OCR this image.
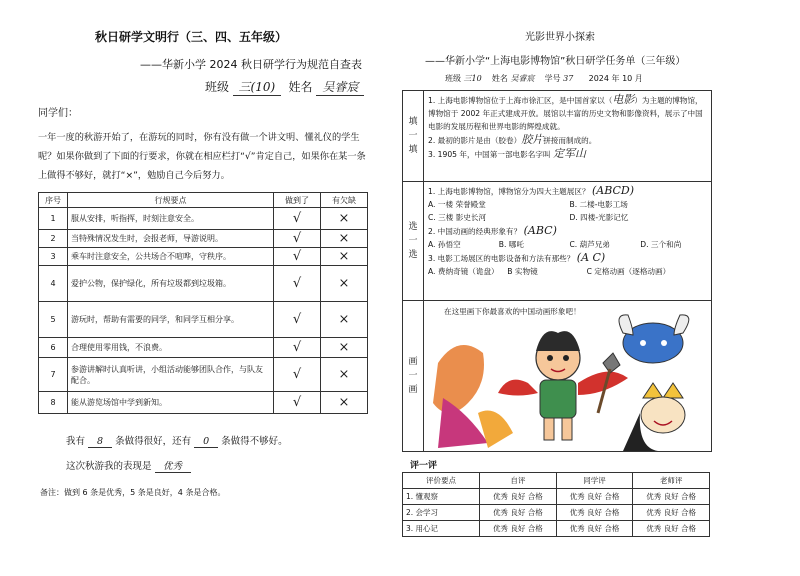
秋日研学文明行（三、四、五年级）
——华新小学 2024 秋日研学行为规范自查表
班级 三(10) 姓名 吴睿宸
同学们：
一年一度的秋游开始了，在游玩的同时，你有没有做一个讲文明、懂礼仪的学生呢？如果你做到了下面的行要求，你就在相应栏打“√”肯定自己，如果你在某一条上做得不够好，就打“×”，勉励自己今后努力。
序号	行规要点	做到了	有欠缺
1	服从安排，听指挥，时刻注意安全。	√	×
2	当特殊情况发生时，会报老师，导游说明。	√	×
3	乘车时注意安全，公共场合不喧哗，守秩序。	√	×
4	爱护公物，保护绿化，所有垃圾都到垃圾箱。	√	×
5	游玩时，帮助有需要的同学，和同学互相分享。	√	×
6	合理使用零用钱，不浪费。	√	×
7	参游讲解时认真听讲，小组活动能够团队合作，与队友配合。	√	×
8	能从游览场馆中学到新知。	√	×
我有 8 条做得很好，还有 0 条做得不够好。
这次秋游我的表现是 优秀
备注：做到 6 条是优秀，5 条是良好，4 条是合格。
光影世界小探索
——华新小学“上海电影博物馆”秋日研学任务单（三年级）
班级 三10 姓名 吴睿宸 学号 37 2024 年 10 月
填
一
填
1. 上海电影博物馆位于上海市徐汇区，是中国首家以（电影）为主题的博物馆，博物馆于 2002 年正式建成开放。展馆以丰富的历史文物和影像资料，展示了中国电影的发展历程和世界电影的辉煌成就。
2. 最初的影片是由（胶卷）胶片拼接而制成的。
3. 1905 年，中国第一部电影名字叫 定军山
选
一
选
1. 上海电影博物馆，博物馆分为四大主题展区？ (ABCD)
A. 一楼 荣誉殿堂	B. 二楼-电影工场
C. 三楼 影史长河	D. 四楼-光影记忆
2. 中国动画的经典形象有？ (ABC)
A. 孙悟空	B. 哪吒	C. 葫芦兄弟	D. 三个和尚
3. 电影工场展区的电影设备和方法有那些？ (A C)
A. 费纳奇镜（诡盘）	B 实物镜	C 定格动画（逐格动画）
画
一
画
在这里画下你最喜欢的中国动画形象吧！
评一评
评价要点	自评	同学评	老师评
1. 懂观察	优秀 良好 合格	优秀 良好 合格	优秀 良好 合格
2. 会学习	优秀 良好 合格	优秀 良好 合格	优秀 良好 合格
3. 用心记	优秀 良好 合格	优秀 良好 合格	优秀 良好 合格
